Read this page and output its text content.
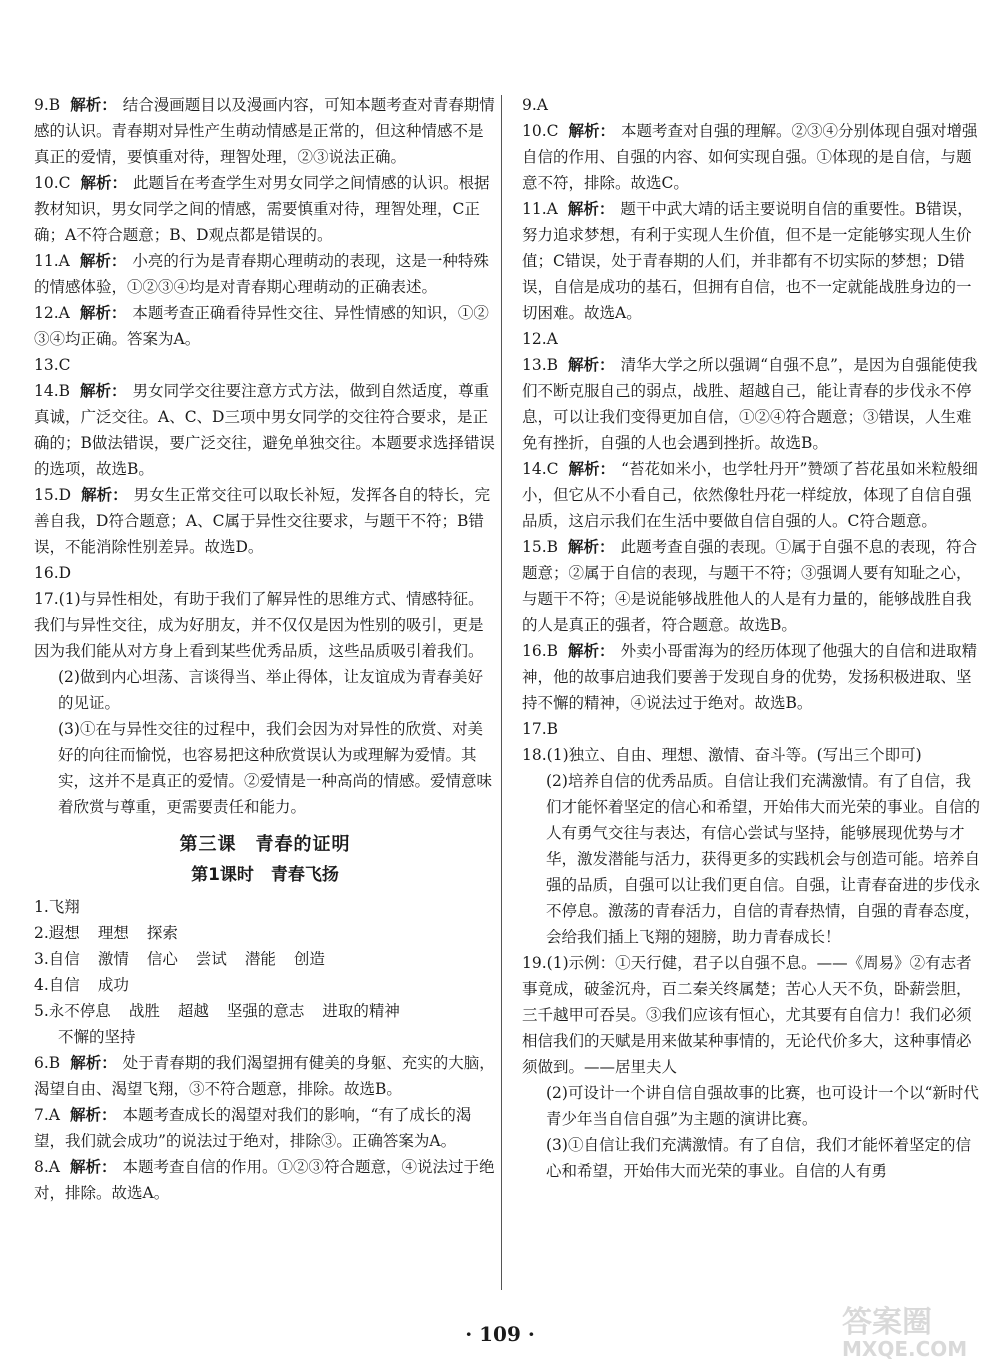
9.B 解析： 结合漫画题目以及漫画内容，可知本题考查对青春期情感的认识。青春期对异性产生萌动情感是正常的，但这种情感不是真正的爱情，要慎重对待，理智处理，②③说法正确。

10.C 解析： 此题旨在考查学生对男女同学之间情感的认识。根据教材知识，男女同学之间的情感，需要慎重对待，理智处理，C正确；A不符合题意；B、D观点都是错误的。

11.A 解析： 小亮的行为是青春期心理萌动的表现，这是一种特殊的情感体验，①②③④均是对青春期心理萌动的正确表述。

12.A 解析： 本题考查正确看待异性交往、异性情感的知识，①②③④均正确。答案为A。

13.C

14.B 解析： 男女同学交往要注意方式方法，做到自然适度，尊重真诚，广泛交往。A、C、D三项中男女同学的交往符合要求，是正确的；B做法错误，要广泛交往，避免单独交往。本题要求选择错误的选项，故选B。

15.D 解析： 男女生正常交往可以取长补短，发挥各自的特长，完善自我，D符合题意；A、C属于异性交往要求，与题干不符；B错误，不能消除性别差异。故选D。

16.D

17.(1)与异性相处，有助于我们了解异性的思维方式、情感特征。我们与异性交往，成为好朋友，并不仅仅是因为性别的吸引，更是因为我们能从对方身上看到某些优秀品质，这些品质吸引着我们。

(2)做到内心坦荡、言谈得当、举止得体，让友谊成为青春美好的见证。

(3)①在与异性交往的过程中，我们会因为对异性的欣赏、对美好的向往而愉悦，也容易把这种欣赏误认为或理解为爱情。其实，这并不是真正的爱情。②爱情是一种高尚的情感。爱情意味着欣赏与尊重，更需要责任和能力。

第三课　青春的证明
第1课时　青春飞扬

1.飞翔

2.遐想 理想 探索

3.自信 激情 信心 尝试 潜能 创造

4.自信 成功

5.永不停息 战胜 超越 坚强的意志 进取的精神

不懈的坚持

6.B 解析： 处于青春期的我们渴望拥有健美的身躯、充实的大脑，渴望自由、渴望飞翔，③不符合题意，排除。故选B。

7.A 解析： 本题考查成长的渴望对我们的影响，“有了成长的渴望，我们就会成功”的说法过于绝对，排除③。正确答案为A。

8.A 解析： 本题考查自信的作用。①②③符合题意，④说法过于绝对，排除。故选A。

9.A

10.C 解析： 本题考查对自强的理解。②③④分别体现自强对增强自信的作用、自强的内容、如何实现自强。①体现的是自信，与题意不符，排除。故选C。

11.A 解析： 题干中武大靖的话主要说明自信的重要性。B错误，努力追求梦想，有利于实现人生价值，但不是一定能够实现人生价值；C错误，处于青春期的人们，并非都有不切实际的梦想；D错误，自信是成功的基石，但拥有自信，也不一定就能战胜身边的一切困难。故选A。

12.A

13.B 解析： 清华大学之所以强调“自强不息”，是因为自强能使我们不断克服自己的弱点，战胜、超越自己，能让青春的步伐永不停息，可以让我们变得更加自信，①②④符合题意；③错误，人生难免有挫折，自强的人也会遇到挫折。故选B。

14.C 解析： “苔花如米小，也学牡丹开”赞颂了苔花虽如米粒般细小，但它从不小看自己，依然像牡丹花一样绽放，体现了自信自强品质，这启示我们在生活中要做自信自强的人。C符合题意。

15.B 解析： 此题考查自强的表现。①属于自强不息的表现，符合题意；②属于自信的表现，与题干不符；③强调人要有知耻之心，与题干不符；④是说能够战胜他人的人是有力量的，能够战胜自我的人是真正的强者，符合题意。故选B。

16.B 解析： 外卖小哥雷海为的经历体现了他强大的自信和进取精神，他的故事启迪我们要善于发现自身的优势，发扬积极进取、坚持不懈的精神，④说法过于绝对。故选B。

17.B

18.(1)独立、自由、理想、激情、奋斗等。(写出三个即可)

(2)培养自信的优秀品质。自信让我们充满激情。有了自信，我们才能怀着坚定的信心和希望，开始伟大而光荣的事业。自信的人有勇气交往与表达，有信心尝试与坚持，能够展现优势与才华，激发潜能与活力，获得更多的实践机会与创造可能。培养自强的品质，自强可以让我们更自信。自强，让青春奋进的步伐永不停息。激荡的青春活力，自信的青春热情，自强的青春态度，会给我们插上飞翔的翅膀，助力青春成长！

19.(1)示例：①天行健，君子以自强不息。——《周易》②有志者事竟成，破釜沉舟，百二秦关终属楚；苦心人天不负，卧薪尝胆，三千越甲可吞吴。③我们应该有恒心，尤其要有自信力！我们必须相信我们的天赋是用来做某种事情的，无论代价多大，这种事情必须做到。——居里夫人

(2)可设计一个讲自信自强故事的比赛，也可设计一个以“新时代青少年当自信自强”为主题的演讲比赛。

(3)①自信让我们充满激情。有了自信，我们才能怀着坚定的信心和希望，开始伟大而光荣的事业。自信的人有勇

· 109 ·	答案圈
MXQE.COM
